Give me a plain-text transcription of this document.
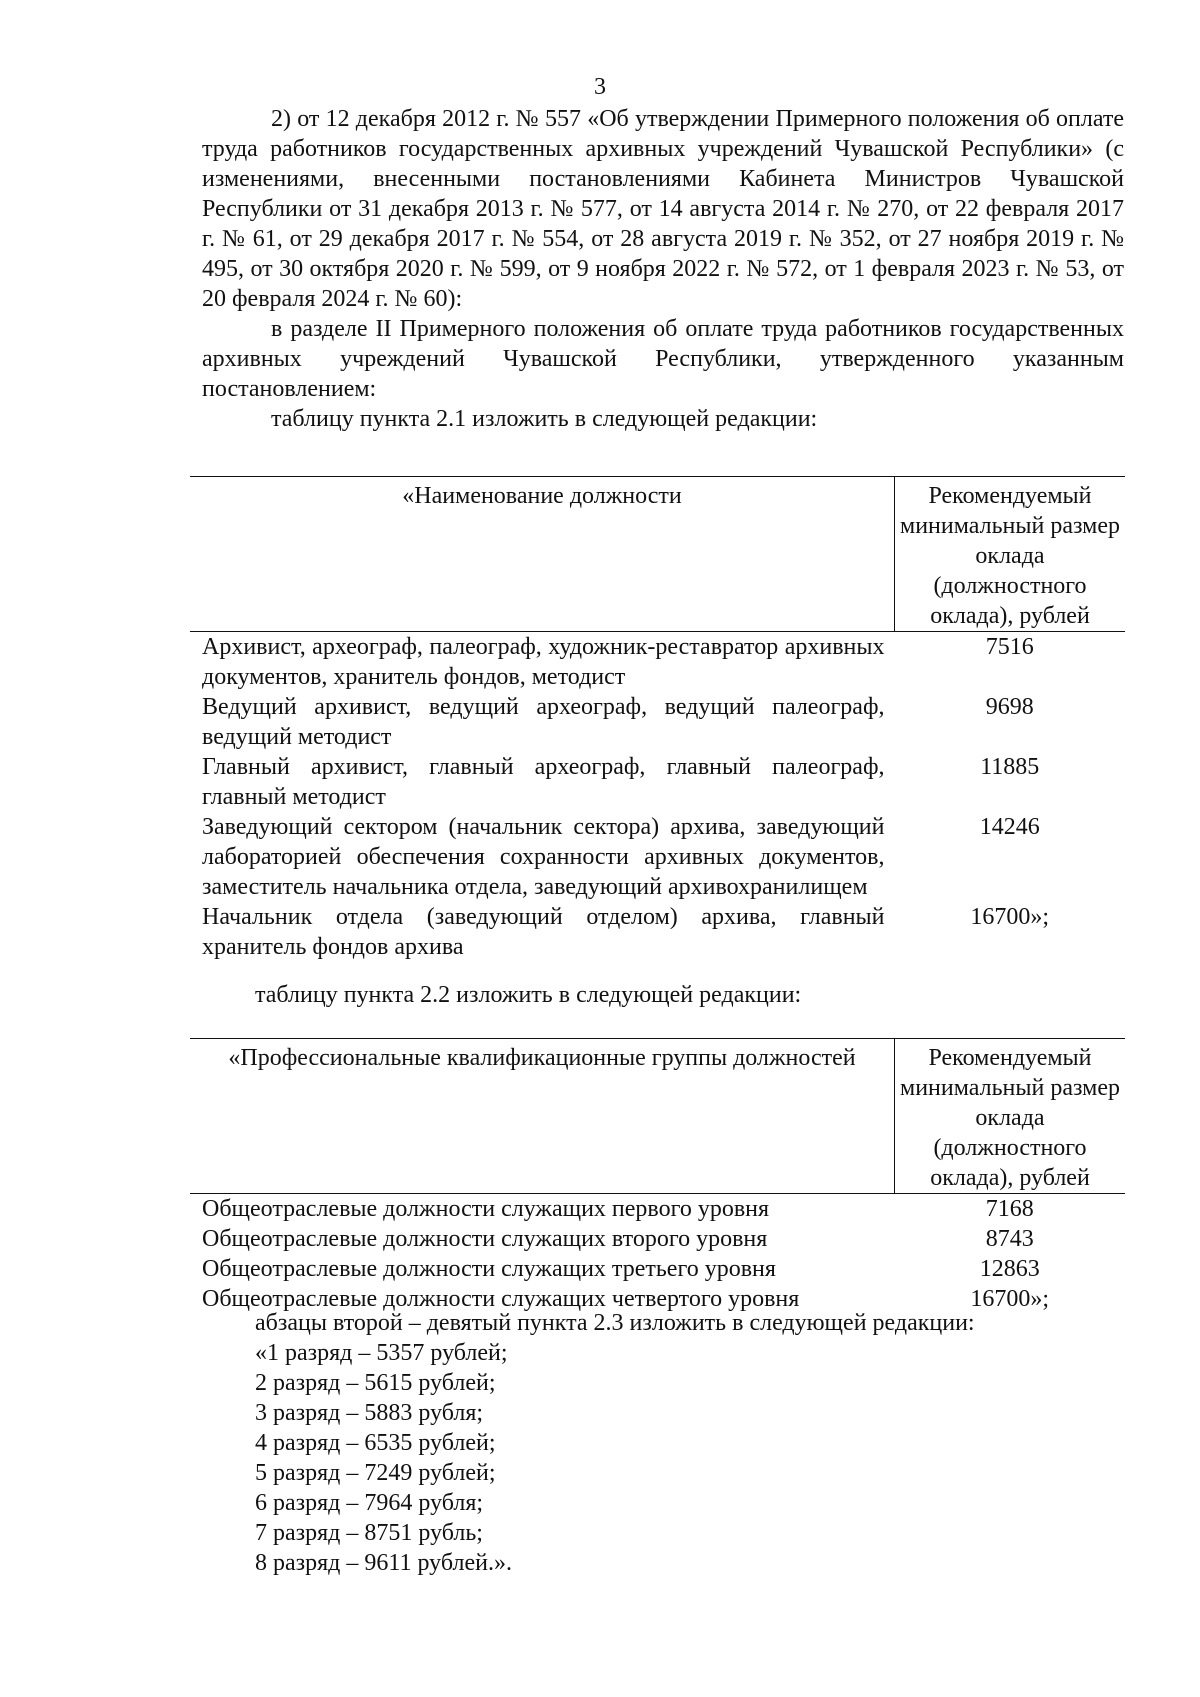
3

2) от 12 декабря 2012 г. № 557 «Об утверждении Примерного положения об оплате труда работников государственных архивных учреждений Чувашской Республики» (с изменениями, внесенными постановлениями Кабинета Министров Чувашской Республики от 31 декабря 2013 г. № 577, от 14 августа 2014 г. № 270, от 22 февраля 2017 г. № 61, от 29 декабря 2017 г. № 554, от 28 августа 2019 г. № 352, от 27 ноября 2019 г. № 495, от 30 октября 2020 г. № 599, от 9 ноября 2022 г. № 572, от 1 февраля 2023 г. № 53, от 20 февраля 2024 г. № 60):

в разделе II Примерного положения об оплате труда работников государственных архивных учреждений Чувашской Республики, утвержденного указанным постановлением:

таблицу пункта 2.1 изложить в следующей редакции:

«Наименование должности	Рекомендуемый минимальный размер оклада (должностного оклада), рублей
Архивист, археограф, палеограф, художник-реставратор архивных документов, хранитель фондов, методист	7516
Ведущий архивист, ведущий археограф, ведущий палеограф, ведущий методист	9698
Главный архивист, главный археограф, главный палеограф, главный методист	11885
Заведующий сектором (начальник сектора) архива, заведующий лабораторией обеспечения сохранности архивных документов, заместитель начальника отдела, заведующий архивохранилищем	14246
Начальник отдела (заведующий отделом) архива, главный хранитель фондов архива	16700»;
таблицу пункта 2.2 изложить в следующей редакции:
«Профессиональные квалификационные группы должностей	Рекомендуемый минимальный размер оклада (должностного оклада), рублей
Общеотраслевые должности служащих первого уровня	7168
Общеотраслевые должности служащих второго уровня	8743
Общеотраслевые должности служащих третьего уровня	12863
Общеотраслевые должности служащих четвертого уровня	16700»;
абзацы второй – девятый пункта 2.3 изложить в следующей редакции:
«1 разряд – 5357 рублей;
2 разряд – 5615 рублей;
3 разряд – 5883 рубля;
4 разряд – 6535 рублей;
5 разряд – 7249 рублей;
6 разряд – 7964 рубля;
7 разряд – 8751 рубль;
8 разряд – 9611 рублей.».
